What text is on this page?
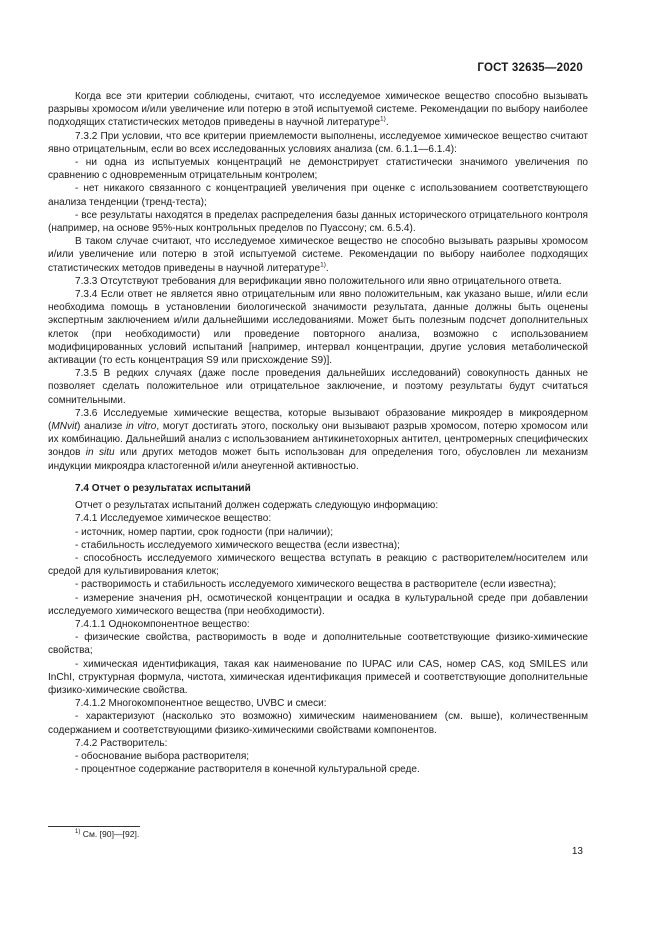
ГОСТ 32635—2020

Когда все эти критерии соблюдены, считают, что исследуемое химическое вещество способно вызывать разрывы хромосом и/или увеличение или потерю в этой испытуемой системе. Рекомендации по выбору наиболее подходящих статистических методов приведены в научной литературе$^{1)}$.

7.3.2 При условии, что все критерии приемлемости выполнены, исследуемое химическое вещество считают явно отрицательным, если во всех исследованных условиях анализа (см. 6.1.1—6.1.4):

- ни одна из испытуемых концентраций не демонстрирует статистически значимого увеличения по сравнению с одновременным отрицательным контролем;

- нет никакого связанного с концентрацией увеличения при оценке с использованием соответствующего анализа тенденции (тренд-теста);

- все результаты находятся в пределах распределения базы данных исторического отрицательного контроля (например, на основе 95%-ных контрольных пределов по Пуассону; см. 6.5.4).

В таком случае считают, что исследуемое химическое вещество не способно вызывать разрывы хромосом и/или увеличение или потерю в этой испытуемой системе. Рекомендации по выбору наиболее подходящих статистических методов приведены в научной литературе$^{1)}$.

7.3.3 Отсутствуют требования для верификации явно положительного или явно отрицательного ответа.

7.3.4 Если ответ не является явно отрицательным или явно положительным, как указано выше, и/или если необходима помощь в установлении биологической значимости результата, данные должны быть оценены экспертным заключением и/или дальнейшими исследованиями. Может быть полезным подсчет дополнительных клеток (при необходимости) или проведение повторного анализа, возможно с использованием модифицированных условий испытаний [например, интервал концентрации, другие условия метаболической активации (то есть концентрация S9 или присхождение S9)].

7.3.5 В редких случаях (даже после проведения дальнейших исследований) совокупность данных не позволяет сделать положительное или отрицательное заключение, и поэтому результаты будут считаться сомнительными.

7.3.6 Исследуемые химические вещества, которые вызывают образование микроядер в микроядерном (MNvit) анализе in vitro, могут достигать этого, поскольку они вызывают разрыв хромосом, потерю хромосом или их комбинацию. Дальнейший анализ с использованием антикинетохорных антител, центромерных специфических зондов in situ или других методов может быть использован для определения того, обусловлен ли механизм индукции микроядра кластогенной и/или анеугенной активностью.

7.4 Отчет о результатах испытаний

Отчет о результатах испытаний должен содержать следующую информацию:

7.4.1 Исследуемое химическое вещество:

- источник, номер партии, срок годности (при наличии);

- стабильность исследуемого химического вещества (если известна);

- способность исследуемого химического вещества вступать в реакцию с растворителем/носителем или средой для культивирования клеток;

- растворимость и стабильность исследуемого химического вещества в растворителе (если известна);

- измерение значения pH, осмотической концентрации и осадка в культуральной среде при добавлении исследуемого химического вещества (при необходимости).

7.4.1.1 Однокомпонентное вещество:

- физические свойства, растворимость в воде и дополнительные соответствующие физико-химические свойства;

- химическая идентификация, такая как наименование по IUPAC или CAS, номер CAS, код SMILES или InChI, структурная формула, чистота, химическая идентификация примесей и соответствующие дополнительные физико-химические свойства.

7.4.1.2 Многокомпонентное вещество, UVBC и смеси:

- характеризуют (насколько это возможно) химическим наименованием (см. выше), количественным содержанием и соответствующими физико-химическими свойствами компонентов.

7.4.2 Растворитель:

- обоснование выбора растворителя;

- процентное содержание растворителя в конечной культуральной среде.

$^{1)}$ См. [90]—[92].
13
